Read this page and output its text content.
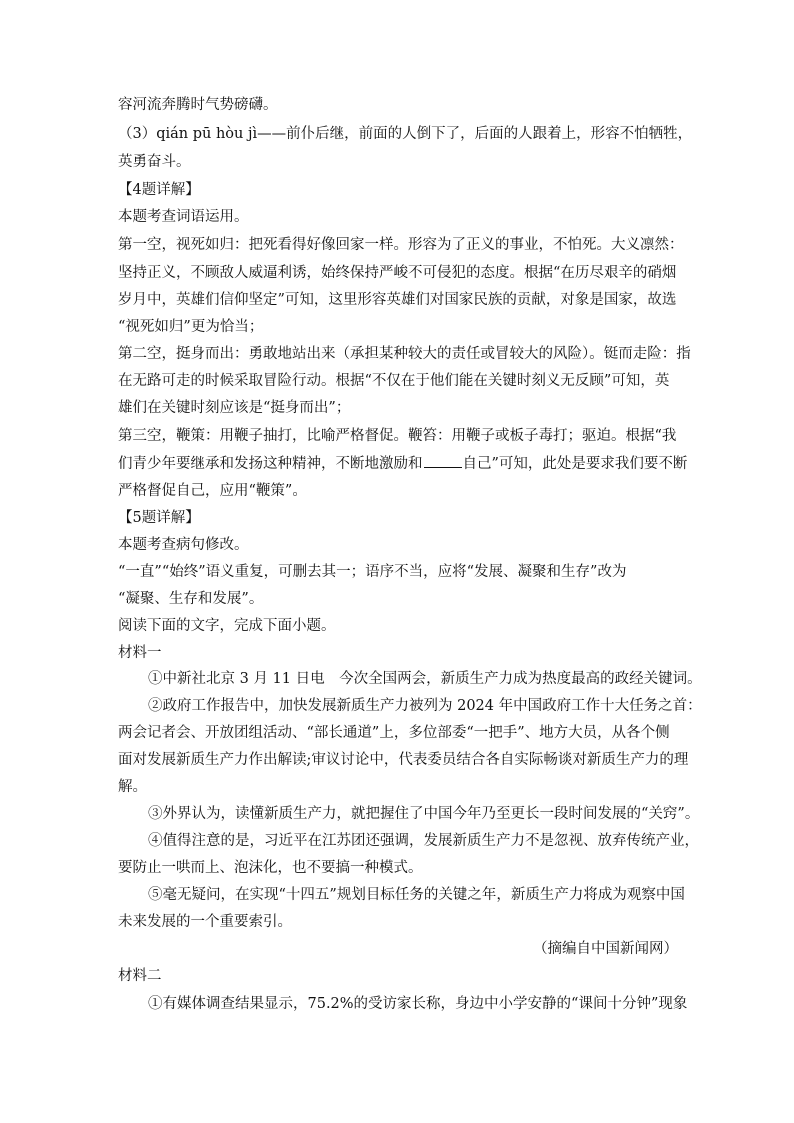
容河流奔腾时气势磅礴。
（3）qián pū hòu jì——前仆后继，前面的人倒下了，后面的人跟着上，形容不怕牺牲，
英勇奋斗。
【4题详解】
本题考查词语运用。
第一空，视死如归：把死看得好像回家一样。形容为了正义的事业，不怕死。大义凛然：
坚持正义，不顾敌人威逼利诱，始终保持严峻不可侵犯的态度。根据“在历尽艰辛的硝烟
岁月中，英雄们信仰坚定”可知，这里形容英雄们对国家民族的贡献，对象是国家，故选
“视死如归”更为恰当；
第二空，挺身而出：勇敢地站出来（承担某种较大的责任或冒较大的风险）。铤而走险：指
在无路可走的时候采取冒险行动。根据“不仅在于他们能在关键时刻义无反顾”可知，英
雄们在关键时刻应该是“挺身而出”；
第三空，鞭策：用鞭子抽打，比喻严格督促。鞭笞：用鞭子或板子毒打；驱迫。根据“我
们青少年要继承和发扬这种精神，不断地激励和	自己”可知，此处是要求我们要不断
严格督促自己，应用“鞭策”。
【5题详解】
本题考查病句修改。
“一直”“始终”语义重复，可删去其一；语序不当，应将“发展、凝聚和生存”改为
“凝聚、生存和发展”。
阅读下面的文字，完成下面小题。
材料一
①中新社北京 3 月 11 日电　今次全国两会，新质生产力成为热度最高的政经关键词。
②政府工作报告中，加快发展新质生产力被列为 2024 年中国政府工作十大任务之首：
两会记者会、开放团组活动、“部长通道”上，多位部委“一把手”、地方大员，从各个侧
面对发展新质生产力作出解读;审议讨论中，代表委员结合各自实际畅谈对新质生产力的理
解。
③外界认为，读懂新质生产力，就把握住了中国今年乃至更长一段时间发展的“关窍”。
④值得注意的是，习近平在江苏团还强调，发展新质生产力不是忽视、放弃传统产业，
要防止一哄而上、泡沫化，也不要搞一种模式。
⑤毫无疑问，在实现“十四五”规划目标任务的关键之年，新质生产力将成为观察中国
未来发展的一个重要索引。
（摘编自中国新闻网）
材料二
①有媒体调查结果显示，75.2%的受访家长称，身边中小学安静的“课间十分钟”现象
